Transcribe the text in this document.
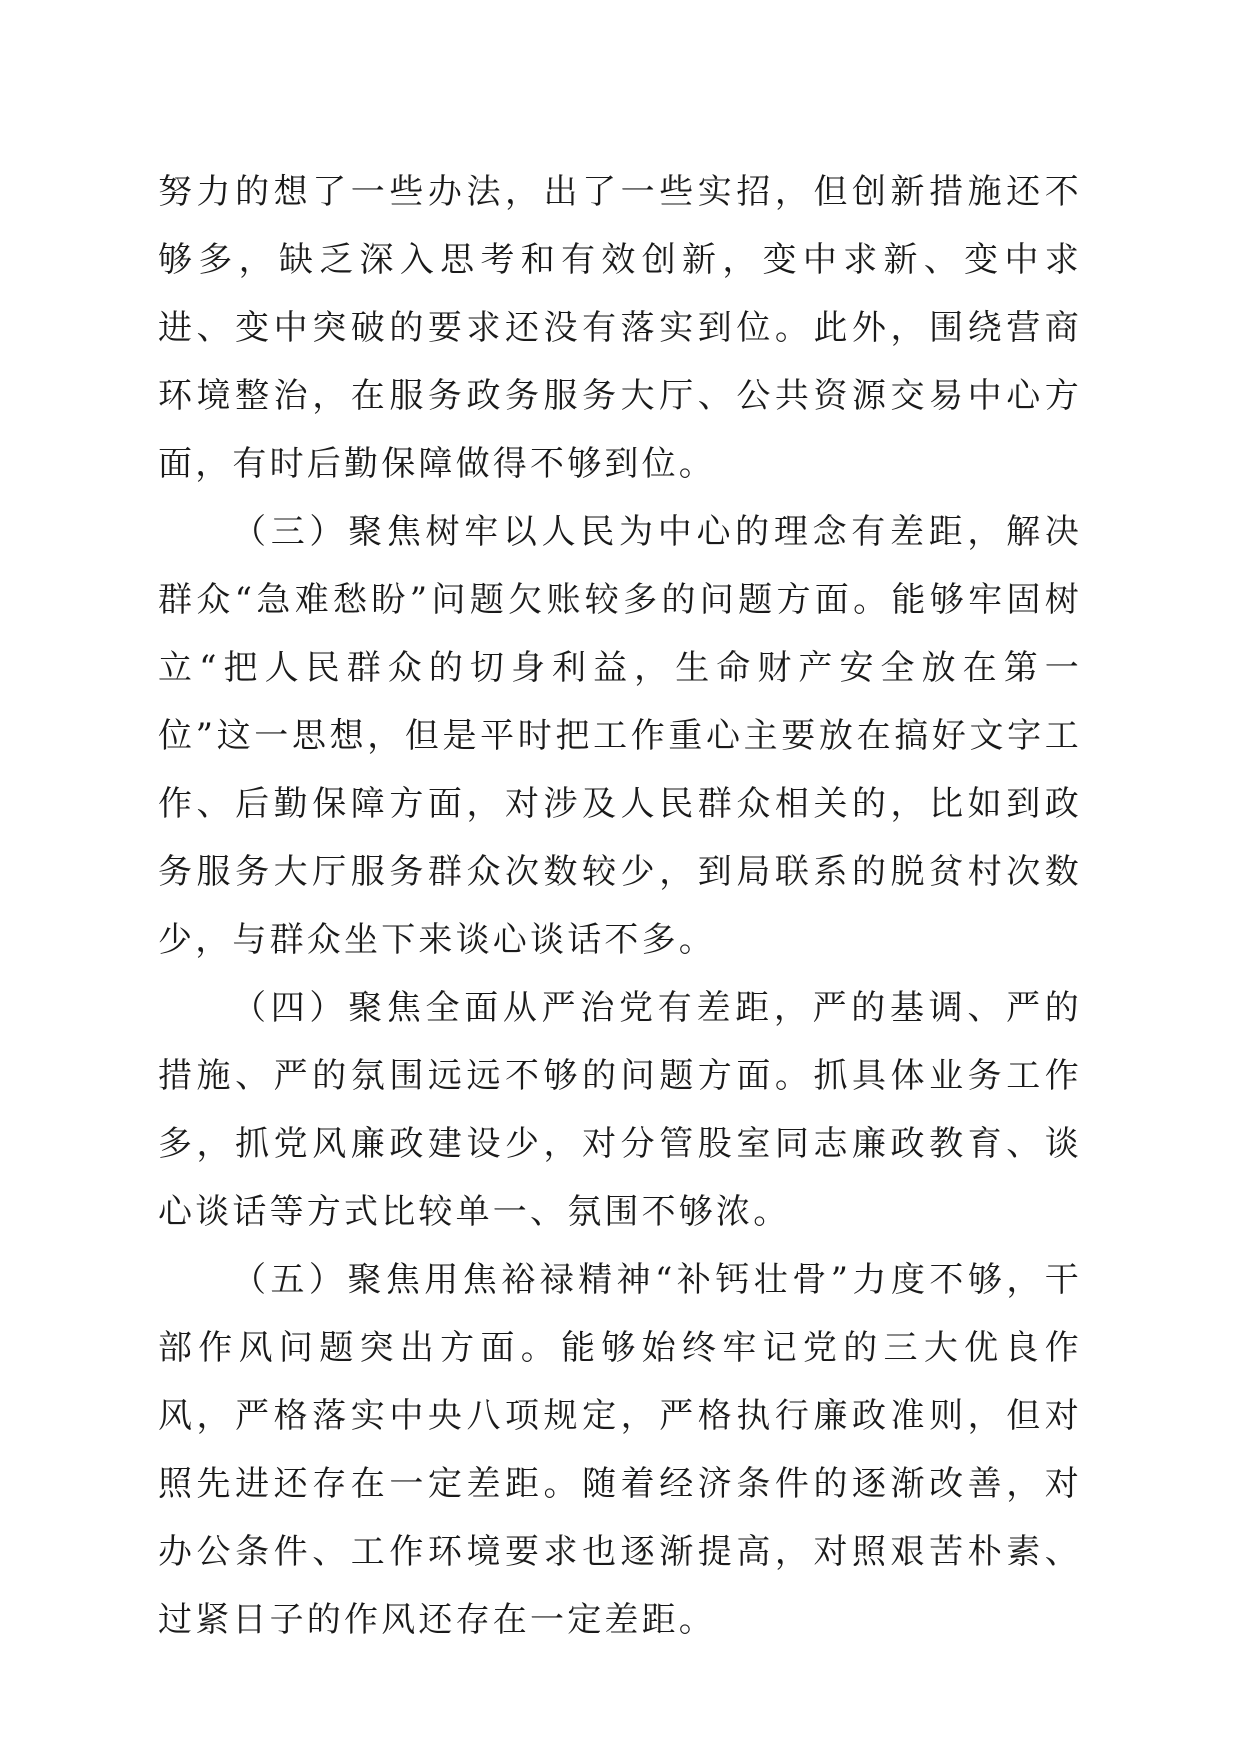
努力的想了一些办法，出了一些实招，但创新措施还不够多，缺乏深入思考和有效创新，变中求新、变中求进、变中突破的要求还没有落实到位。此外，围绕营商环境整治，在服务政务服务大厅、公共资源交易中心方面，有时后勤保障做得不够到位。

（三）聚焦树牢以人民为中心的理念有差距，解决群众“急难愁盼”问题欠账较多的问题方面。能够牢固树立“把人民群众的切身利益，生命财产安全放在第一位”这一思想，但是平时把工作重心主要放在搞好文字工作、后勤保障方面，对涉及人民群众相关的，比如到政务服务大厅服务群众次数较少，到局联系的脱贫村次数少，与群众坐下来谈心谈话不多。

（四）聚焦全面从严治党有差距，严的基调、严的措施、严的氛围远远不够的问题方面。抓具体业务工作多，抓党风廉政建设少，对分管股室同志廉政教育、谈心谈话等方式比较单一、氛围不够浓。

（五）聚焦用焦裕禄精神“补钙壮骨”力度不够，干部作风问题突出方面。能够始终牢记党的三大优良作风，严格落实中央八项规定，严格执行廉政准则，但对照先进还存在一定差距。随着经济条件的逐渐改善，对办公条件、工作环境要求也逐渐提高，对照艰苦朴素、过紧日子的作风还存在一定差距。
